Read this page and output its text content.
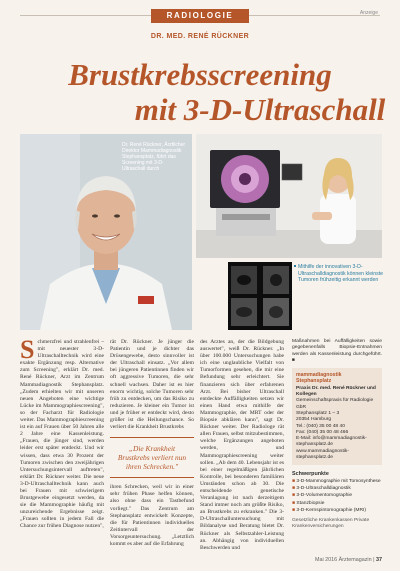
RADIOLOGIE	Anzeige
DR. MED. RENÉ RÜCKNER
Brustkrebsscreening
mit 3-D-Ultraschall
Dr. René Rückner, Ärztlicher Direktor Mammadiagnostik Stephansplatz, führt das Screening mit 3-D-Ultraschall durch
Mithilfe der innovativen 3-D-Ultraschalldiagnostik können kleinste Tumoren frühzeitig erkannt werden
Schmerzfrei und strahlenfrei – mit neuester 3-D-Ultraschalltechnik wird eine exakte Ergänzung resp. Alternative zum Screening", erklärt Dr. med. René Rückner, Arzt im Zentrum Mammadiagnostik Stephansplatz. „Zudem erhielten wir mit unseren neuen Angeboten eine wichtige Lücke im Mammographiescreening", so der Facharzt für Radiologie weiter. Das Mammographiescreening ist ein auf Frauen über 50 Jahren alle 2 Jahre eine Kassenleistung. „Frauen, die jünger sind, werden leider erst später entdeckt. Und wir wissen, dass etwa 30 Prozent der Tumoren zwischen den zweijährigen Untersuchungsintervall auftreten", erklärt Dr. Rückner weiter. Die neue 3-D-Ultraschalltechnik kann auch bei Frauen mit schwierigem Brustgewebe eingesetzt werden, da sie die Mammographie häufig mit unzureichende Ergebnisse zeigt. „Frauen sollten in jedem Fall die Chance zur frühen Diagnose nutzen",
rät Dr. Rückner. Je jünger die Patientin und je dichter das Drüsengewebe, desto sinnvoller ist der Ultraschall einsatz. „Vor allem bei jüngeren Patientinnen finden wir oft aggressive Tumoren, die sehr schnell wachsen. Daher ist es hier enorm wichtig, solche Tumoren sehr früh zu entdecken, um das Risiko zu reduzieren. Je kleiner ein Tumor ist und je früher er entdeckt wird, desto größer ist die Heilungschance. So verliert die Krankheit Brustkrebs
„Die Krankheit Brustkrebs verliert nun ihren Schrecken."
ihren Schrecken, weil wir in einer sehr frühen Phase helfen können, also ohne dass ein Tastbefund vorliegt." Das Zentrum am Stephansplatz entwickelt Konzepte, die für Patientinnen individuelles Zeitintervall der Vorsorgeuntersuchung. „Letztlich kommt es aber auf die Erfahrung
des Arztes an, der die Bildgebung auswertet", weiß Dr. Rückner. „In über 100.000 Untersuchungen habe ich eine unglaubliche Vielfalt von Tumorformen gesehen, die mir eine Befundung sehr erleichtert. Sie finanzieren sich über erfahrenen Arzt. Bei bisher Ultraschall entdeckte Auffälligkeiten setzen wir einen Hand etwa mithilfe der Mammographie, der MRT oder der Biopsie abklären kann", sagt Dr. Rückner weiter. Der Radiologe rät allen Frauen, selbst mitzubestimmen, welche Ergänzungen angeboten werden, und Mammographiescreening weiter sollen. „Ab dem 40. Lebensjahr ist es bei einer regelmäßigen jährlichen Kontrolle, bei besonderen familiären Umständen schon ab 30. Die entscheidende genetische Veranlagung ist nach derzeitigem Stand immer noch am größte Risiko, an Brustkrebs zu erkranken." Die 3-D-Ultraschalluntersuchung mit Bildanalyse und Beratung bietet Dr. Rückner als Selbstzahler-Leistung an. Abhängig von individuellen Beschwerden und

Maßnahmen bei Auffälligkeiten sowie gegebenenfalls Biopsie-Entnahmen werden als Kassenleistung durchgeführt. ■

mammadiagnostik Stephansplatz
Praxis Dr. med. René Rückner und Kollegen
Gemeinschaftspraxis für Radiologie GbR
Stephansplatz 1 – 3
20354 Hamburg
Tel.: (040) 35 00 48 40
Fax: (040) 35 00 48 466
E-Mail: info@mammadiagnostik-stephansplatz.de
www.mammadiagnostik-stephansplatz.de
Schwerpunkte
■ 3-D-Mammographie mit Tomosynthese
■ 3-D-Ultraschalldiagnostik
■ 3-D-Volumentomographie
■ Stanzbiopsie
■ 3-D-Kernspintomographie (MRI)
Gesetzliche Krankenkassen Private Krankenversicherungen
Mai 2016 Ärztemagazin | 37
